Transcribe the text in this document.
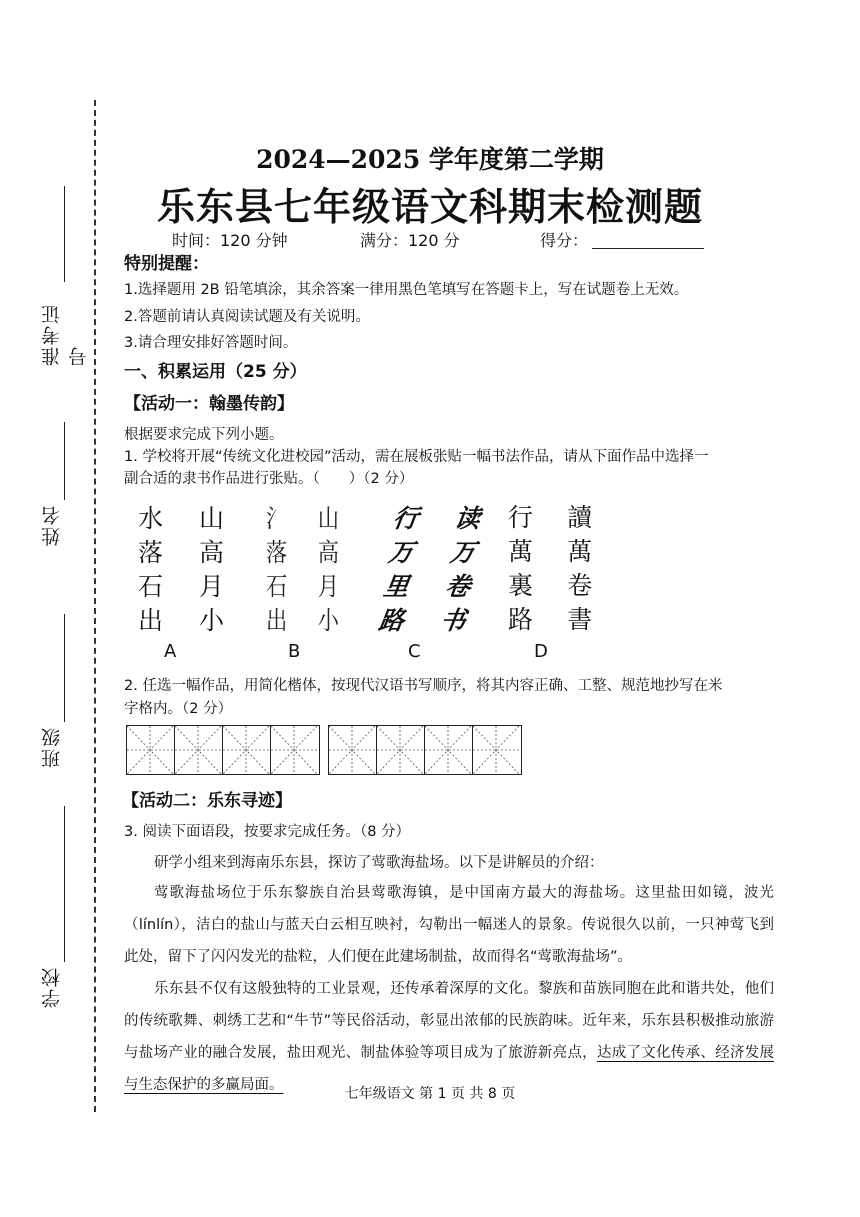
准考证号
姓名
班级
学校
2024—2025 学年度第二学期
乐东县七年级语文科期末检测题
时间：120 分钟	满分：120 分	得分：
特别提醒：
1.选择题用 2B 铅笔填涂，其余答案一律用黑色笔填写在答题卡上，写在试题卷上无效。
2.答题前请认真阅读试题及有关说明。
3.请合理安排好答题时间。
一、积累运用（25 分）
【活动一：翰墨传韵】
根据要求完成下列小题。
1. 学校将开展“传统文化进校园”活动，需在展板张贴一幅书法作品，请从下面作品中选择一
副合适的隶书作品进行张贴。（　　）（2 分）
水 山
落 高
石 月
出 小
氵 山
落 高
石 月
出 小
行 读
万 万
里 卷
路 书
行 讀
萬 萬
裏 卷
路 書
A	B	C	D
2. 任选一幅作品，用简化楷体，按现代汉语书写顺序，将其内容正确、工整、规范地抄写在米
字格内。（2 分）
【活动二：乐东寻迹】
3. 阅读下面语段，按要求完成任务。（8 分）
研学小组来到海南乐东县，探访了莺歌海盐场。以下是讲解员的介绍：
莺歌海盐场位于乐东黎族自治县莺歌海镇，是中国南方最大的海盐场。这里盐田如镜，波光（línlín），洁白的盐山与蓝天白云相互映衬，勾勒出一幅迷人的景象。传说很久以前，一只神莺飞到此处，留下了闪闪发光的盐粒，人们便在此建场制盐，故而得名“莺歌海盐场”。
乐东县不仅有这般独特的工业景观，还传承着深厚的文化。黎族和苗族同胞在此和谐共处，他们的传统歌舞、刺绣工艺和“牛节”等民俗活动，彰显出浓郁的民族韵味。近年来，乐东县积极推动旅游与盐场产业的融合发展，盐田观光、制盐体验等项目成为了旅游新亮点，达成了文化传承、经济发展与生态保护的多赢局面。
七年级语文 第 1 页 共 8 页
